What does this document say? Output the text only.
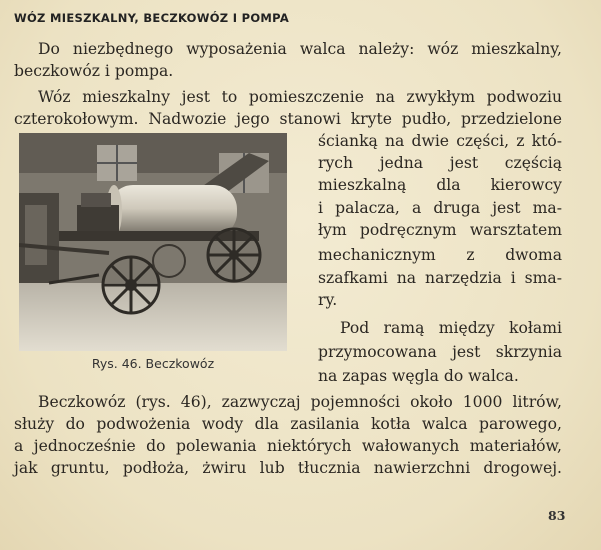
WÓZ MIESZKALNY, BECZKOWÓZ I POMPA
Do niezbędnego wyposażenia walca należy: wóz mieszkalny,
beczkowóz i pompa.
Wóz mieszkalny jest to pomieszczenie na zwykłym podwoziu
czterokołowym. Nadwozie jego stanowi kryte pudło, przedzielone
ścianką na dwie części, z któ-
rych jedna jest częścią
mieszkalną dla kierowcy
i palacza, a druga jest ma-
łym podręcznym warsztatem
mechanicznym z dwoma
szafkami na narzędzia i sma-
ry.
Pod ramą między kołami
przymocowana jest skrzynia
na zapas węgla do walca.
Beczkowóz (rys. 46), zazwyczaj pojemności około 1000 litrów,
służy do podwożenia wody dla zasilania kotła walca parowego,
a jednocześnie do polewania niektórych wałowanych materiałów,
jak gruntu, podłoża, żwiru lub tłucznia nawierzchni drogowej.
Rys. 46. Beczkowóz
83
